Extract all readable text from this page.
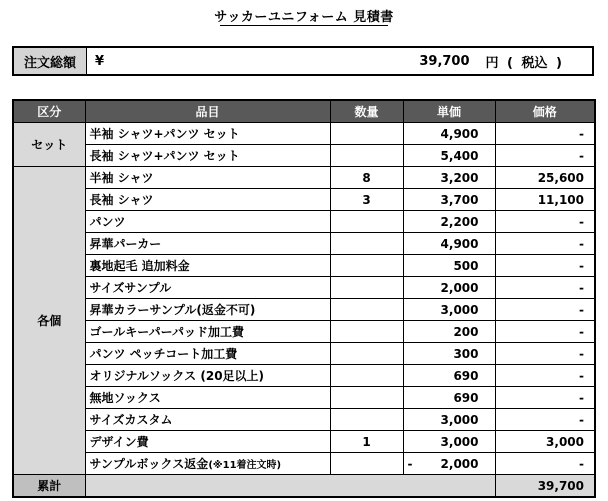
サッカーユニフォーム 見積書
注文総額	¥	39,700	円 ( 税込 )
区分	品目	数量	単価	価格
セット	半袖 シャツ+パンツ セット		4,900	-
	長袖 シャツ+パンツ セット		5,400	-
各個	半袖 シャツ	8	3,200	25,600
	長袖 シャツ	3	3,700	11,100
	パンツ		2,200	-
	昇華パーカー		4,900	-
	裏地起毛 追加料金		500	-
	サイズサンプル		2,000	-
	昇華カラーサンプル(返金不可)		3,000	-
	ゴールキーパーパッド加工費		200	-
	パンツ ペッチコート加工費		300	-
	オリジナルソックス (20足以上)		690	-
	無地ソックス		690	-
	サイズカスタム		3,000	-
	デザイン費	1	3,000	3,000
	サンプルボックス返金(※11着注文時)		- 2,000	-
累計				39,700
